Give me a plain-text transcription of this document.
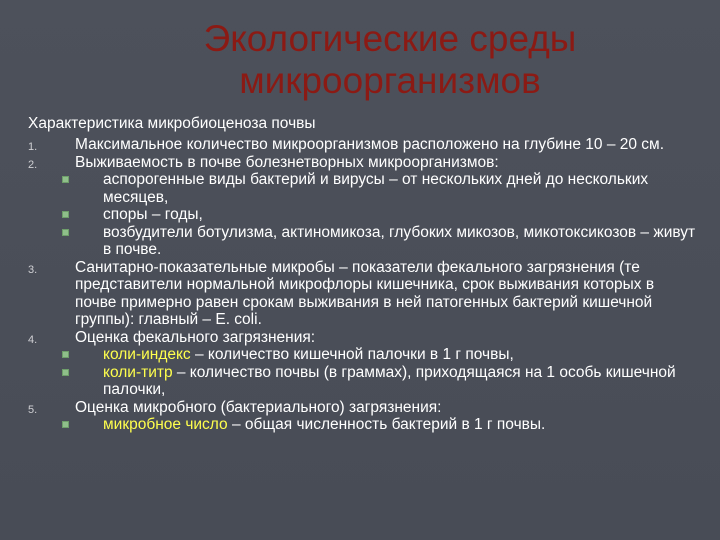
Экологические среды
микроорганизмов
Характеристика микробиоценоза почвы
1. Максимальное количество микроорганизмов расположено на глубине 10 – 20 см.
2. Выживаемость в почве болезнетворных микроорганизмов:
аспорогенные виды бактерий и вирусы – от нескольких дней до нескольких месяцев,
споры – годы,
возбудители ботулизма, актиномикоза, глубоких микозов, микотоксикозов – живут в почве.
3. Санитарно-показательные микробы – показатели фекального загрязнения (те представители нормальной микрофлоры кишечника, срок выживания которых в почве примерно равен срокам выживания в ней патогенных бактерий кишечной группы): главный – E. coli.
4. Оценка фекального загрязнения:
коли-индекс – количество кишечной палочки в 1 г почвы,
коли-титр – количество почвы (в граммах), приходящаяся на 1 особь кишечной палочки,
5. Оценка микробного (бактериального) загрязнения:
микробное число – общая численность бактерий в 1 г почвы.
